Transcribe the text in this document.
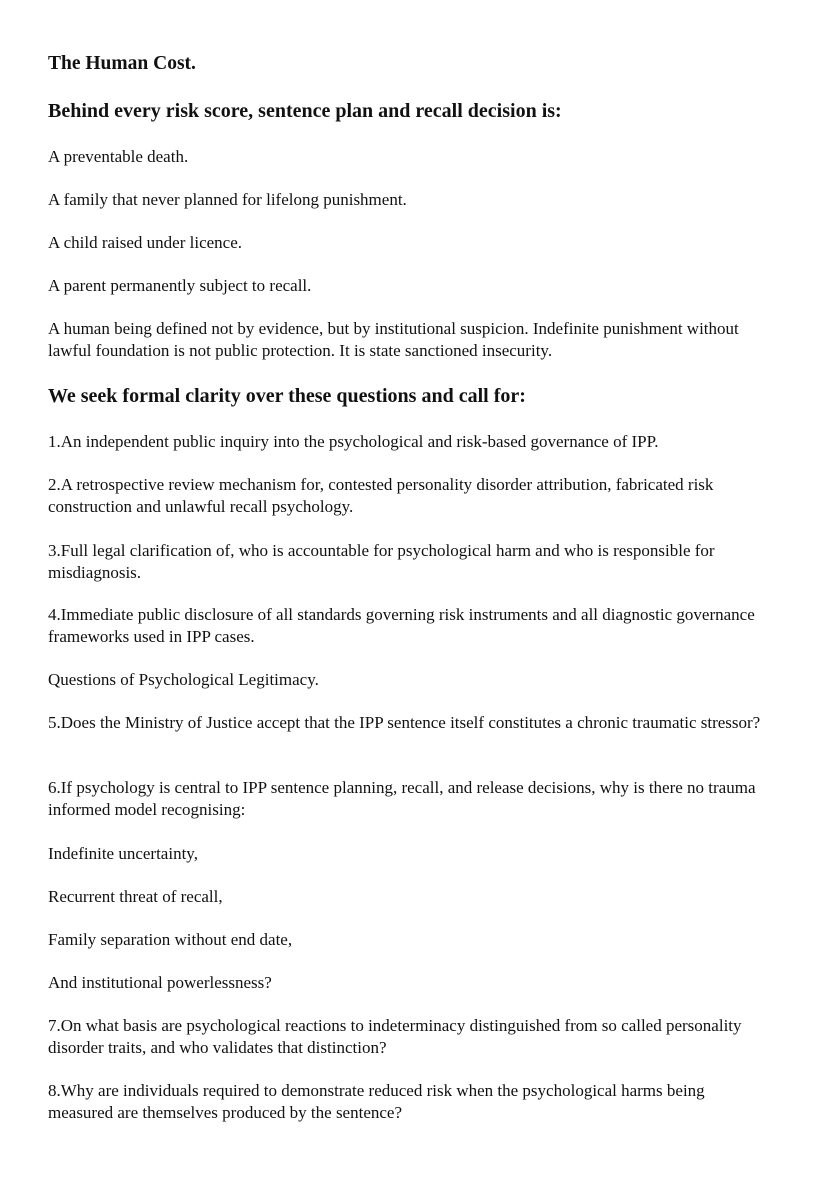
The Human Cost.
Behind every risk score, sentence plan and recall decision is:
A preventable death.
A family that never planned for lifelong punishment.
A child raised under licence.
A parent permanently subject to recall.
A human being defined not by evidence, but by institutional suspicion. Indefinite punishment without lawful foundation is not public protection. It is state sanctioned insecurity.
We seek formal clarity over these questions and call for:
1.An independent public inquiry into the psychological and risk-based governance of IPP.
2.A retrospective review mechanism for, contested personality disorder attribution, fabricated risk construction and unlawful recall psychology.
3.Full legal clarification of, who is accountable for psychological harm and who is responsible for misdiagnosis.
4.Immediate public disclosure of all standards governing risk instruments and all diagnostic governance frameworks used in IPP cases.
Questions of Psychological Legitimacy.
5.Does the Ministry of Justice accept that the IPP sentence itself constitutes a chronic traumatic stressor?
6.If psychology is central to IPP sentence planning, recall, and release decisions, why is there no trauma informed model recognising:
Indefinite uncertainty,
Recurrent threat of recall,
Family separation without end date,
And institutional powerlessness?
7.On what basis are psychological reactions to indeterminacy distinguished from so called personality disorder traits, and who validates that distinction?
8.Why are individuals required to demonstrate reduced risk when the psychological harms being measured are themselves produced by the sentence?
